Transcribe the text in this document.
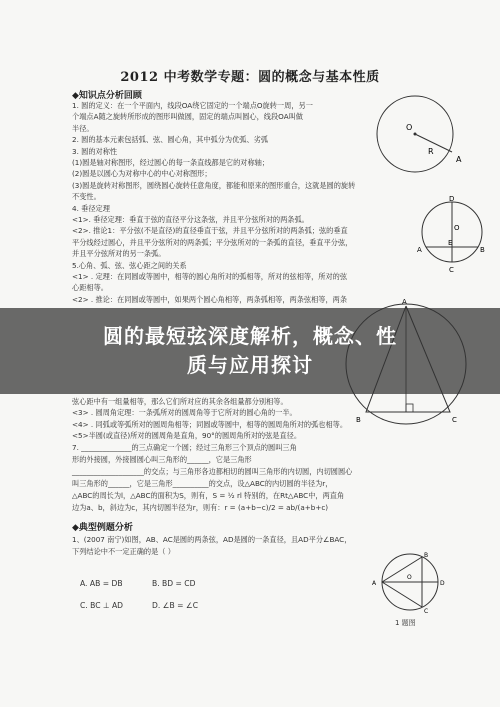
2012 中考数学专题：圆的概念与基本性质
◆知识点分析回顾
1. 圆的定义：在一个平面内，线段OA绕它固定的一个端点O旋转一周，另一
个端点A随之旋转所形成的图形叫做圆，固定的端点叫圆心，线段OA叫做
半径。
2. 圆的基本元素包括弧、弦、圆心角，其中弧分为优弧、劣弧
3. 圆的对称性
(1)圆是轴对称图形，经过圆心的每一条直线都是它的对称轴；
(2)圆是以圆心为对称中心的中心对称图形；
(3)圆是旋转对称图形，圆绕圆心旋转任意角度，都能和原来的图形重合，这就是圆的旋转
不变性。
4. 垂径定理
<1>. 垂径定理：垂直于弦的直径平分这条弦，并且平分弦所对的两条弧。
<2>. 推论1：平分弦(不是直径)的直径垂直于弦，并且平分弦所对的两条弧；弦的垂直
平分线经过圆心，并且平分弦所对的两条弧；平分弦所对的一条弧的直径，垂直平分弦，
并且平分弦所对的另一条弧。
5.心角、弧、弦、弦心距之间的关系
<1> . 定理：在同圆或等圆中，相等的圆心角所对的弧相等，所对的弦相等，所对的弦
心距相等。
<2> . 推论：在同圆或等圆中，如果两个圆心角相等，两条弧相等，两条弦相等，两条
弦心距中有一组量相等，那么它们所对应的其余各组量都分别相等。
<3> . 圆周角定理：一条弧所对的圆周角等于它所对的圆心角的一半。
<4> . 同弧或等弧所对的圆周角相等；同圆或等圆中，相等的圆周角所对的弧也相等。
<5>半圆(或直径)所对的圆周角是直角，90°的圆周角所对的弦是直径。
7. ______________的三点确定一个圆；经过三角形三个顶点的圆叫三角
形的外接圆，外接圆圆心叫三角形的______，它是三角形
____________________的交点；与三角形各边都相切的圆叫三角形的内切圆，内切圆圆心
叫三角形的______，它是三角形__________的交点，设△ABC的内切圆的半径为r，
△ABC的周长为l，△ABC的面积为S，则有，S = ½ rl 特别的，在Rt△ABC中，两直角
边为a、b，斜边为c，其内切圆半径为r，则有：r = (a+b−c)/2 = ab/(a+b+c)
◆典型例题分析
1、(2007 南宁)如图，AB、AC是圆的两条弦，AD是圆的一条直径，且AD平分∠BAC，
下列结论中不一定正确的是（ ）
A. AB = DB	B. BD = CD
C. BC ⊥ AD	D. ∠B = ∠C
O
R
A
O
A
E
C
D
B
A
B	C
A
O
B
C
D
1 题图
圆的最短弦深度解析，概念、性
质与应用探讨
